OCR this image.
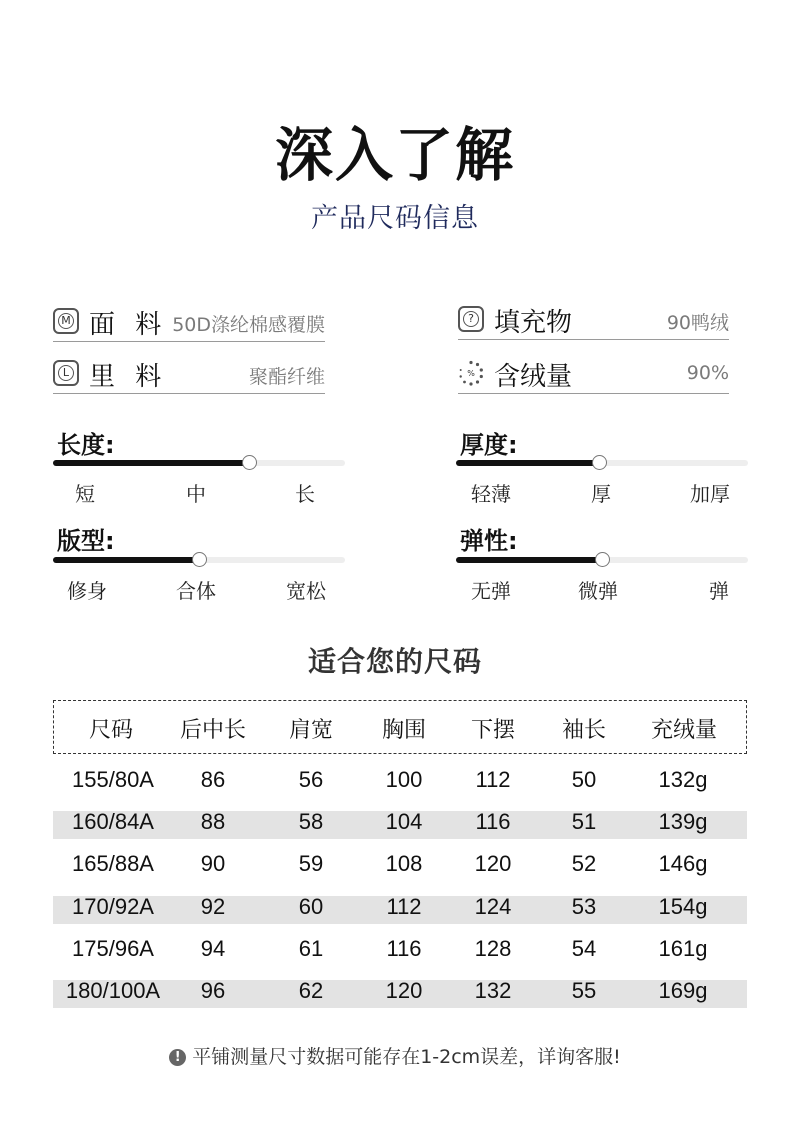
深入了解
产品尺码信息
M 面 料 50D涤纶棉感覆膜	? 填充物	90鸭绒
L 里 料	聚酯纤维	% 含绒量	90%
长度:
短	中	长
厚度:
轻薄	厚	加厚
版型:
修身	合体	宽松
弹性:
无弹	微弹	弹
适合您的尺码
尺码 后中长 肩宽 胸围 下摆 袖长 充绒量
155/80A 86	56	100 112	50	132g
160/84A 88	58	104 116	51	139g
165/88A 90	59	108 120	52	146g
170/92A 92	60	112 124	53	154g
175/96A 94	61	116 128	54	161g
180/100A 96	62	120 132	55	169g
! 平铺测量尺寸数据可能存在1-2cm误差，详询客服!
